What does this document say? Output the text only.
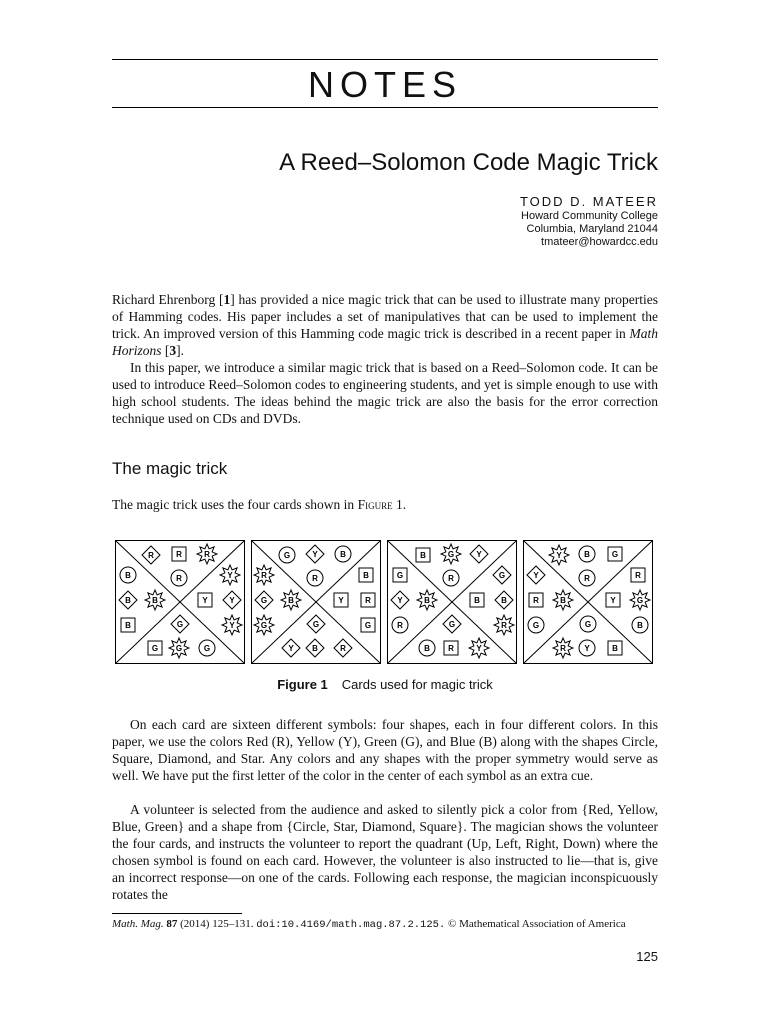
NOTES
A Reed–Solomon Code Magic Trick
TODD D. MATEER
Howard Community College
Columbia, Maryland 21044
tmateer@howardcc.edu

Richard Ehrenborg [1] has provided a nice magic trick that can be used to illustrate many properties of Hamming codes. His paper includes a set of manipulatives that can be used to implement the trick. An improved version of this Hamming code magic trick is described in a recent paper in Math Horizons [3].

In this paper, we introduce a similar magic trick that is based on a Reed–Solomon code. It can be used to introduce Reed–Solomon codes to engineering students, and yet is simple enough to use with high school students. The ideas behind the magic trick are also the basis for the error correction technique used on CDs and DVDs.

The magic trick

The magic trick uses the four cards shown in Figure 1.

R	R	R
B	R	Y
B	B	Y	Y
B	G	Y
G G	G
G	Y	B
R	R	B
G	B	Y	R
G	G	G
Y B	R
B	G	Y
G	R	G
Y	B	B	B
R	G	R
B R	Y
Y	B	G
Y	R	R
R	B	Y	G
G	G	B
R Y	B
Figure 1 Cards used for magic trick

On each card are sixteen different symbols: four shapes, each in four different colors. In this paper, we use the colors Red (R), Yellow (Y), Green (G), and Blue (B) along with the shapes Circle, Square, Diamond, and Star. Any colors and any shapes with the proper symmetry would serve as well. We have put the first letter of the color in the center of each symbol as an extra cue.

A volunteer is selected from the audience and asked to silently pick a color from {Red, Yellow, Blue, Green} and a shape from {Circle, Star, Diamond, Square}. The magician shows the volunteer the four cards, and instructs the volunteer to report the quadrant (Up, Left, Right, Down) where the chosen symbol is found on each card. However, the volunteer is also instructed to lie—that is, give an incorrect response—on one of the cards. Following each response, the magician inconspicuously rotates the

Math. Mag. 87 (2014) 125–131. doi:10.4169/math.mag.87.2.125. © Mathematical Association of America
125
